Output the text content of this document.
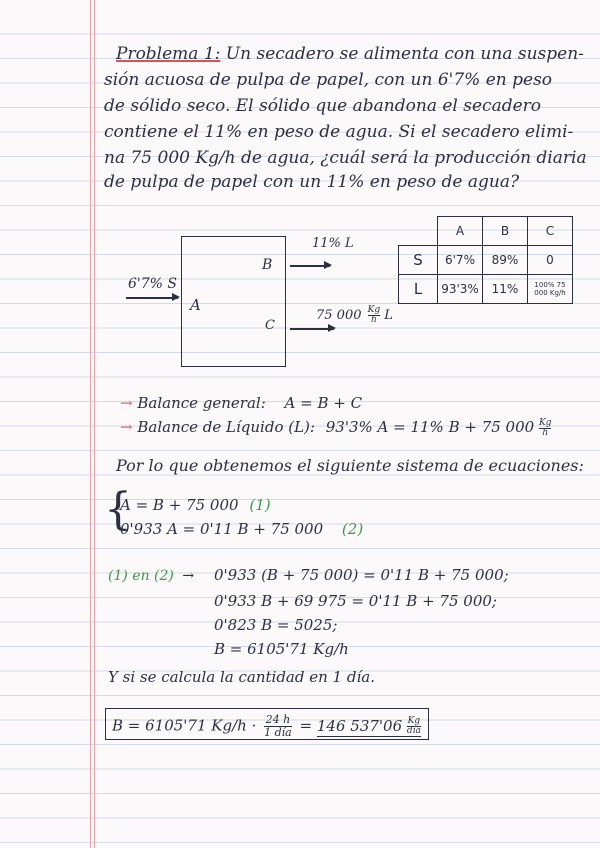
Problema 1: Un secadero se alimenta con una suspen-
sión acuosa de pulpa de papel, con un 6'7% en peso
de sólido seco. El sólido que abandona el secadero
contiene el 11% en peso de agua. Si el secadero elimi-
na 75 000 Kg/h de agua, ¿cuál será la producción diaria
de pulpa de papel con un 11% en peso de agua?
6'7% S
A
B
11% L
C
75 $000 \frac{Kg}{h}$ L
	A	B	C
S	6'7%	89%	0
L	93'3%	11%	100% 75 000 Kg/h
→ Balance general: A = B + C
→ Balance de Líquido (L): 93'3% A = 11% B + 75 $000 \frac{Kg}{h}$
Por lo que obtenemos el siguiente sistema de ecuaciones:
{
A = B + 75 000 (1)
0'933 A = 0'11 B + 75 000 (2)
(1) en (2) → 0'933 (B + 75 000) = 0'11 B + 75 000;
0'933 B + 69 975 = 0'11 B + 75 000;
0'823 B = 5025;
B = 6105'71 Kg/h
Y si se calcula la cantidad en 1 día.
B = 6105'71 Kg/h · 24 h
1 día = 146 537'06 Kg
día
